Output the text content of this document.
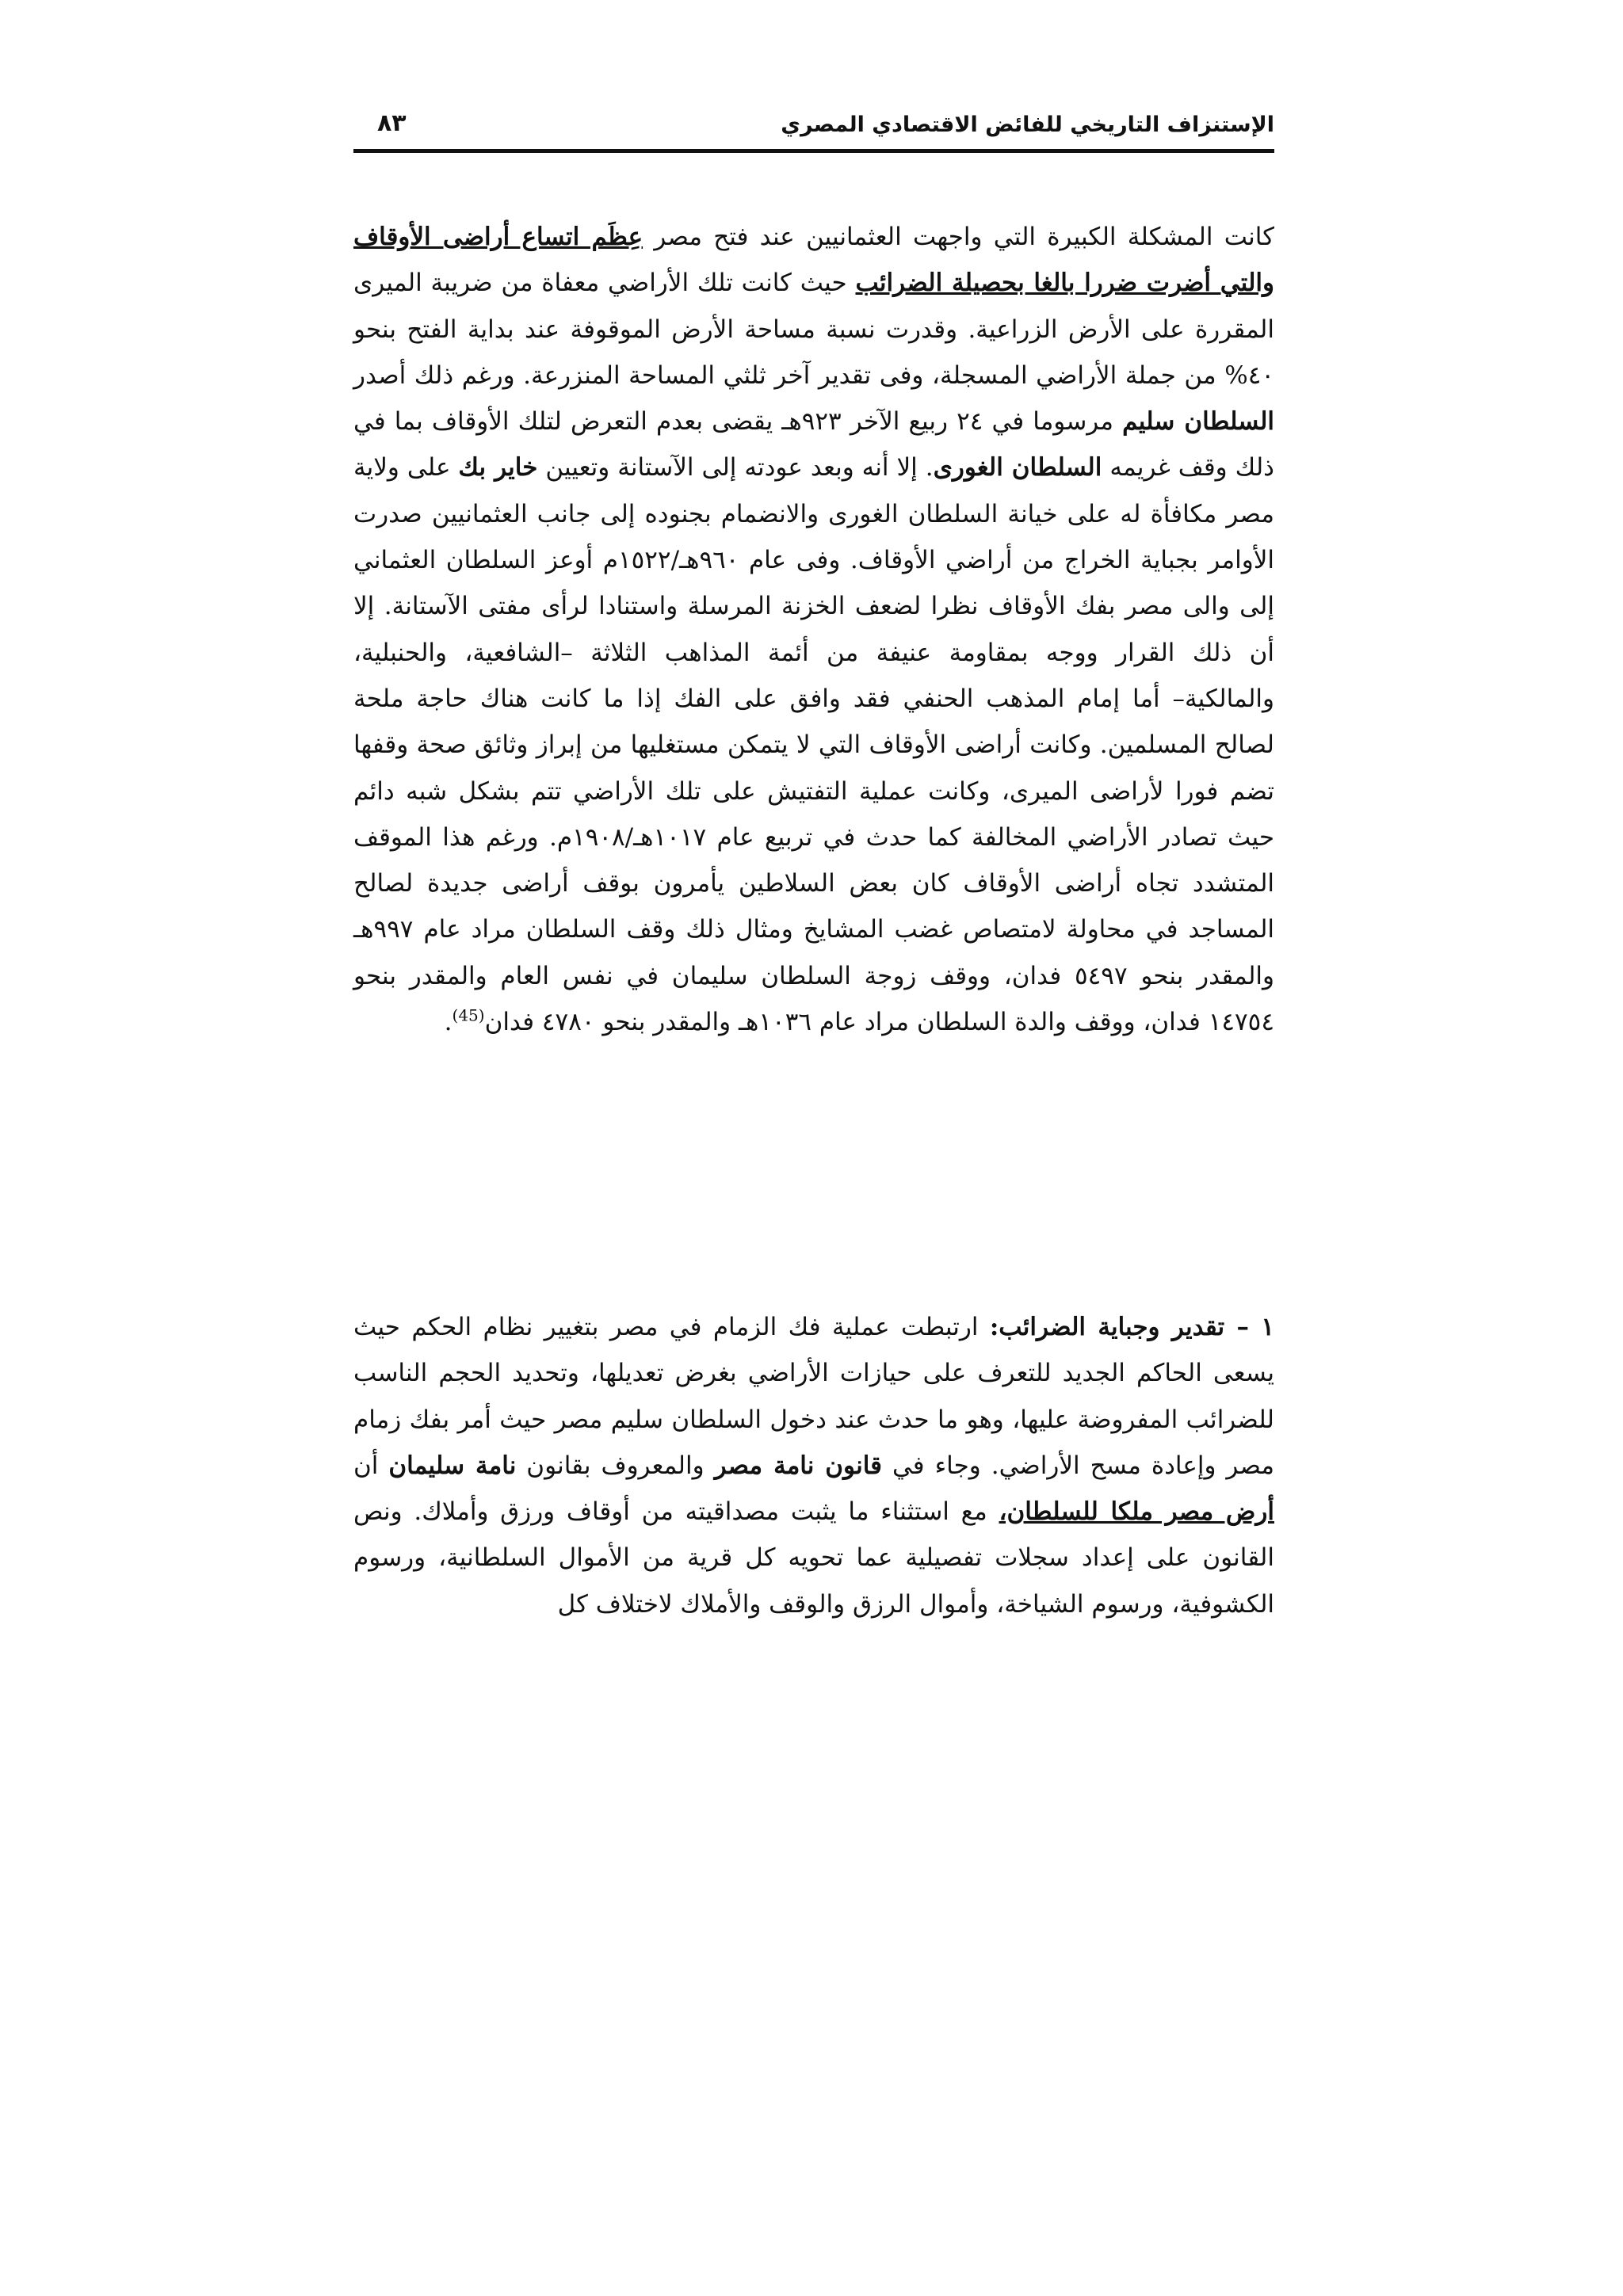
الإستنزاف التاريخي للفائض الاقتصادي المصري
٨٣

كانت المشكلة الكبيرة التي واجهت العثمانيين عند فتح مصر عِظَم اتساع أراضى الأوقاف والتي أضرت ضررا بالغا بحصيلة الضرائب حيث كانت تلك الأراضي معفاة من ضريبة الميرى المقررة على الأرض الزراعية. وقدرت نسبة مساحة الأرض الموقوفة عند بداية الفتح بنحو ٤٠% من جملة الأراضي المسجلة، وفى تقدير آخر ثلثي المساحة المنزرعة. ورغم ذلك أصدر السلطان سليم مرسوما في ٢٤ ربيع الآخر ٩٢٣هـ يقضى بعدم التعرض لتلك الأوقاف بما في ذلك وقف غريمه السلطان الغورى. إلا أنه وبعد عودته إلى الآستانة وتعيين خاير بك على ولاية مصر مكافأة له على خيانة السلطان الغورى والانضمام بجنوده إلى جانب العثمانيين صدرت الأوامر بجباية الخراج من أراضي الأوقاف. وفى عام ٩٦٠هـ/١٥٢٢م أوعز السلطان العثماني إلى والى مصر بفك الأوقاف نظرا لضعف الخزنة المرسلة واستنادا لرأى مفتى الآستانة. إلا أن ذلك القرار ووجه بمقاومة عنيفة من أئمة المذاهب الثلاثة –الشافعية، والحنبلية، والمالكية– أما إمام المذهب الحنفي فقد وافق على الفك إذا ما كانت هناك حاجة ملحة لصالح المسلمين. وكانت أراضى الأوقاف التي لا يتمكن مستغليها من إبراز وثائق صحة وقفها تضم فورا لأراضى الميرى، وكانت عملية التفتيش على تلك الأراضي تتم بشكل شبه دائم حيث تصادر الأراضي المخالفة كما حدث في تربيع عام ١٠١٧هـ/١٩٠٨م. ورغم هذا الموقف المتشدد تجاه أراضى الأوقاف كان بعض السلاطين يأمرون بوقف أراضى جديدة لصالح المساجد في محاولة لامتصاص غضب المشايخ ومثال ذلك وقف السلطان مراد عام ٩٩٧هـ والمقدر بنحو ٥٤٩٧ فدان، ووقف زوجة السلطان سليمان في نفس العام والمقدر بنحو ١٤٧٥٤ فدان، ووقف والدة السلطان مراد عام ١٠٣٦هـ والمقدر بنحو ٤٧٨٠ فدان$^{(45)}$.

١ – تقدير وجباية الضرائب: ارتبطت عملية فك الزمام في مصر بتغيير نظام الحكم حيث يسعى الحاكم الجديد للتعرف على حيازات الأراضي بغرض تعديلها، وتحديد الحجم الناسب للضرائب المفروضة عليها، وهو ما حدث عند دخول السلطان سليم مصر حيث أمر بفك زمام مصر وإعادة مسح الأراضي. وجاء في قانون نامة مصر والمعروف بقانون نامة سليمان أن أرض مصر ملكا للسلطان، مع استثناء ما يثبت مصداقيته من أوقاف ورزق وأملاك. ونص القانون على إعداد سجلات تفصيلية عما تحويه كل قرية من الأموال السلطانية، ورسوم الكشوفية، ورسوم الشياخة، وأموال الرزق والوقف والأملاك لاختلاف كل
